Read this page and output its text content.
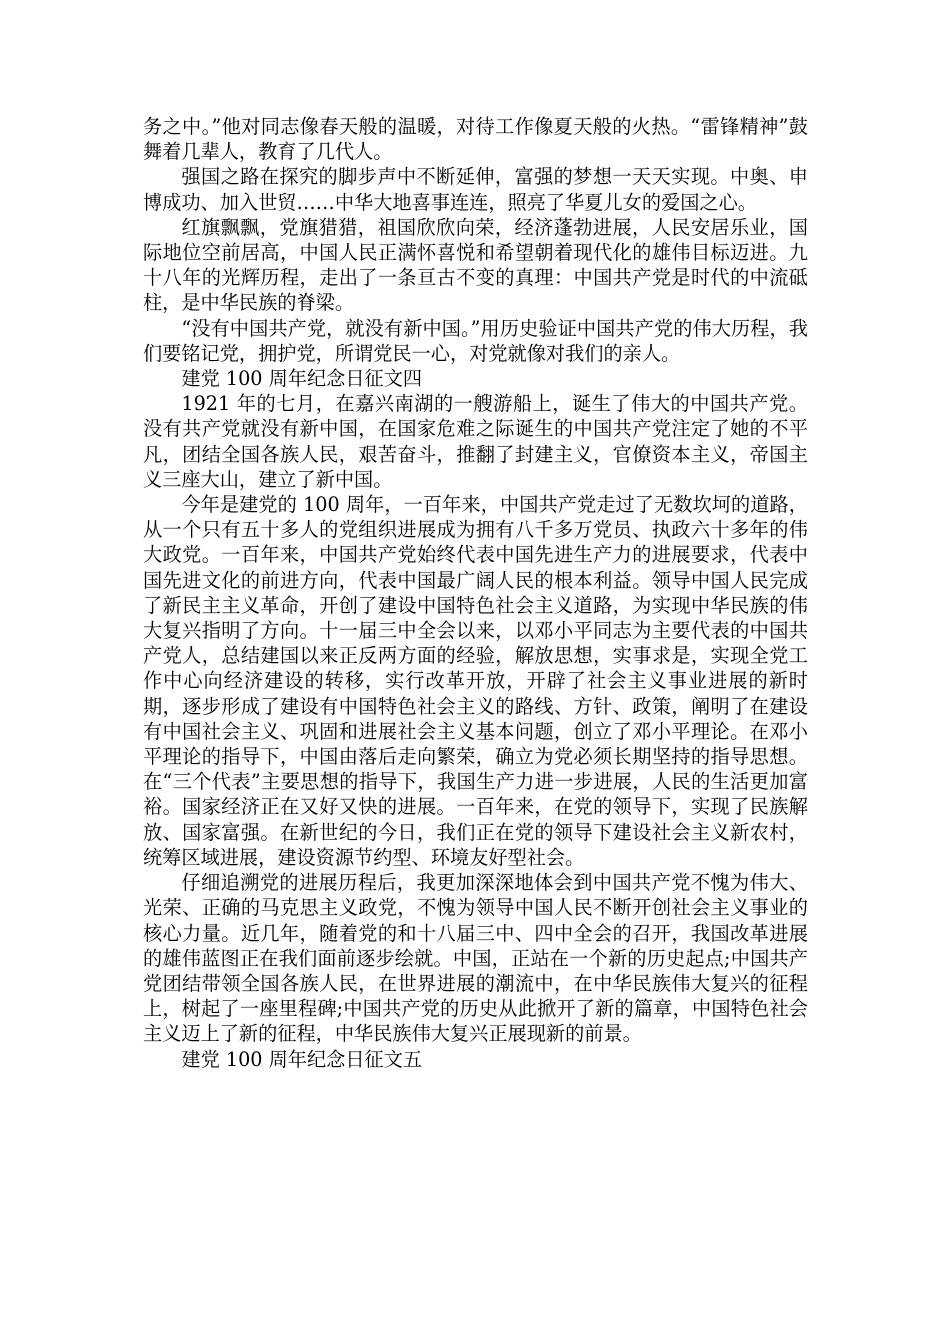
务之中。”他对同志像春天般的温暖，对待工作像夏天般的火热。“雷锋精神”鼓舞着几辈人，教育了几代人。

强国之路在探究的脚步声中不断延伸，富强的梦想一天天实现。中奥、申博成功、加入世贸……中华大地喜事连连，照亮了华夏儿女的爱国之心。

红旗飘飘，党旗猎猎，祖国欣欣向荣，经济蓬勃进展，人民安居乐业，国际地位空前居高，中国人民正满怀喜悦和希望朝着现代化的雄伟目标迈进。九十八年的光辉历程，走出了一条亘古不变的真理：中国共产党是时代的中流砥柱，是中华民族的脊梁。

“没有中国共产党，就没有新中国。”用历史验证中国共产党的伟大历程，我们要铭记党，拥护党，所谓党民一心，对党就像对我们的亲人。

建党 100 周年纪念日征文四

1921 年的七月，在嘉兴南湖的一艘游船上，诞生了伟大的中国共产党。没有共产党就没有新中国，在国家危难之际诞生的中国共产党注定了她的不平凡，团结全国各族人民，艰苦奋斗，推翻了封建主义，官僚资本主义，帝国主义三座大山，建立了新中国。

今年是建党的 100 周年，一百年来，中国共产党走过了无数坎坷的道路，从一个只有五十多人的党组织进展成为拥有八千多万党员、执政六十多年的伟大政党。一百年来，中国共产党始终代表中国先进生产力的进展要求，代表中国先进文化的前进方向，代表中国最广阔人民的根本利益。领导中国人民完成了新民主主义革命，开创了建设中国特色社会主义道路，为实现中华民族的伟大复兴指明了方向。十一届三中全会以来，以邓小平同志为主要代表的中国共产党人，总结建国以来正反两方面的经验，解放思想，实事求是，实现全党工作中心向经济建设的转移，实行改革开放，开辟了社会主义事业进展的新时期，逐步形成了建设有中国特色社会主义的路线、方针、政策，阐明了在建设有中国社会主义、巩固和进展社会主义基本问题，创立了邓小平理论。在邓小平理论的指导下，中国由落后走向繁荣，确立为党必须长期坚持的指导思想。在“三个代表”主要思想的指导下，我国生产力进一步进展，人民的生活更加富裕。国家经济正在又好又快的进展。一百年来，在党的领导下，实现了民族解放、国家富强。在新世纪的今日，我们正在党的领导下建设社会主义新农村，统筹区域进展，建设资源节约型、环境友好型社会。

仔细追溯党的进展历程后，我更加深深地体会到中国共产党不愧为伟大、光荣、正确的马克思主义政党，不愧为领导中国人民不断开创社会主义事业的核心力量。近几年，随着党的和十八届三中、四中全会的召开，我国改革进展的雄伟蓝图正在我们面前逐步绘就。中国，正站在一个新的历史起点;中国共产党团结带领全国各族人民，在世界进展的潮流中，在中华民族伟大复兴的征程上，树起了一座里程碑;中国共产党的历史从此掀开了新的篇章，中国特色社会主义迈上了新的征程，中华民族伟大复兴正展现新的前景。

建党 100 周年纪念日征文五
